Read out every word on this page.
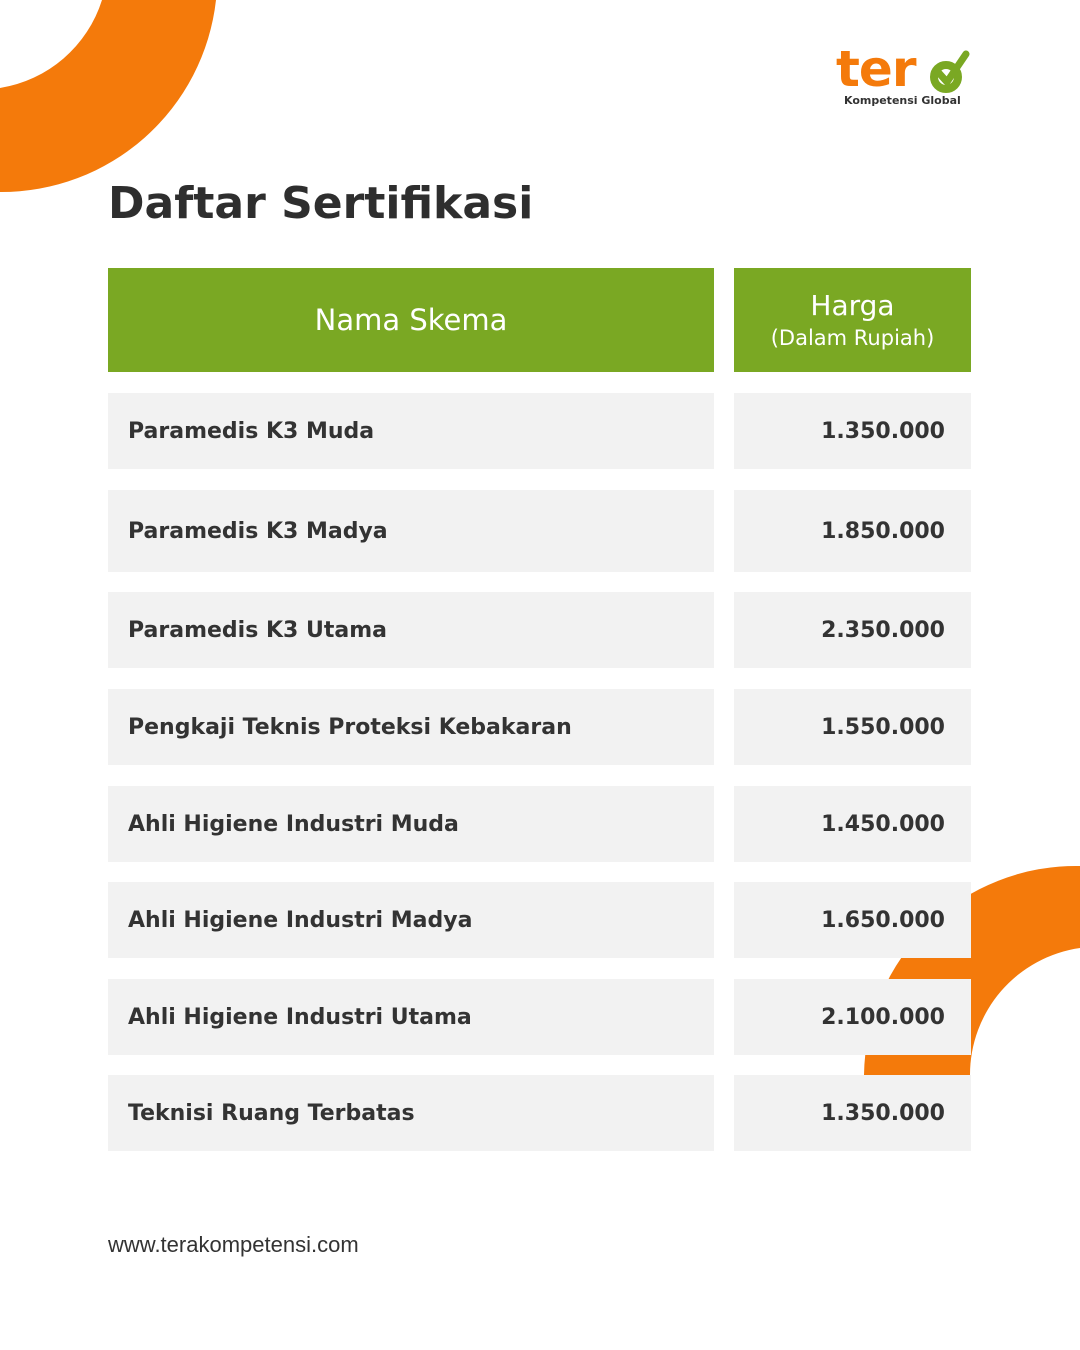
ter
Kompetensi Global
Daftar Sertifikasi
Nama Skema	Harga
(Dalam Rupiah)
Paramedis K3 Muda	1.350.000
Paramedis K3 Madya	1.850.000
Paramedis K3 Utama	2.350.000
Pengkaji Teknis Proteksi Kebakaran	1.550.000
Ahli Higiene Industri Muda	1.450.000
Ahli Higiene Industri Madya	1.650.000
Ahli Higiene Industri Utama	2.100.000
Teknisi Ruang Terbatas	1.350.000
www.terakompetensi.com
